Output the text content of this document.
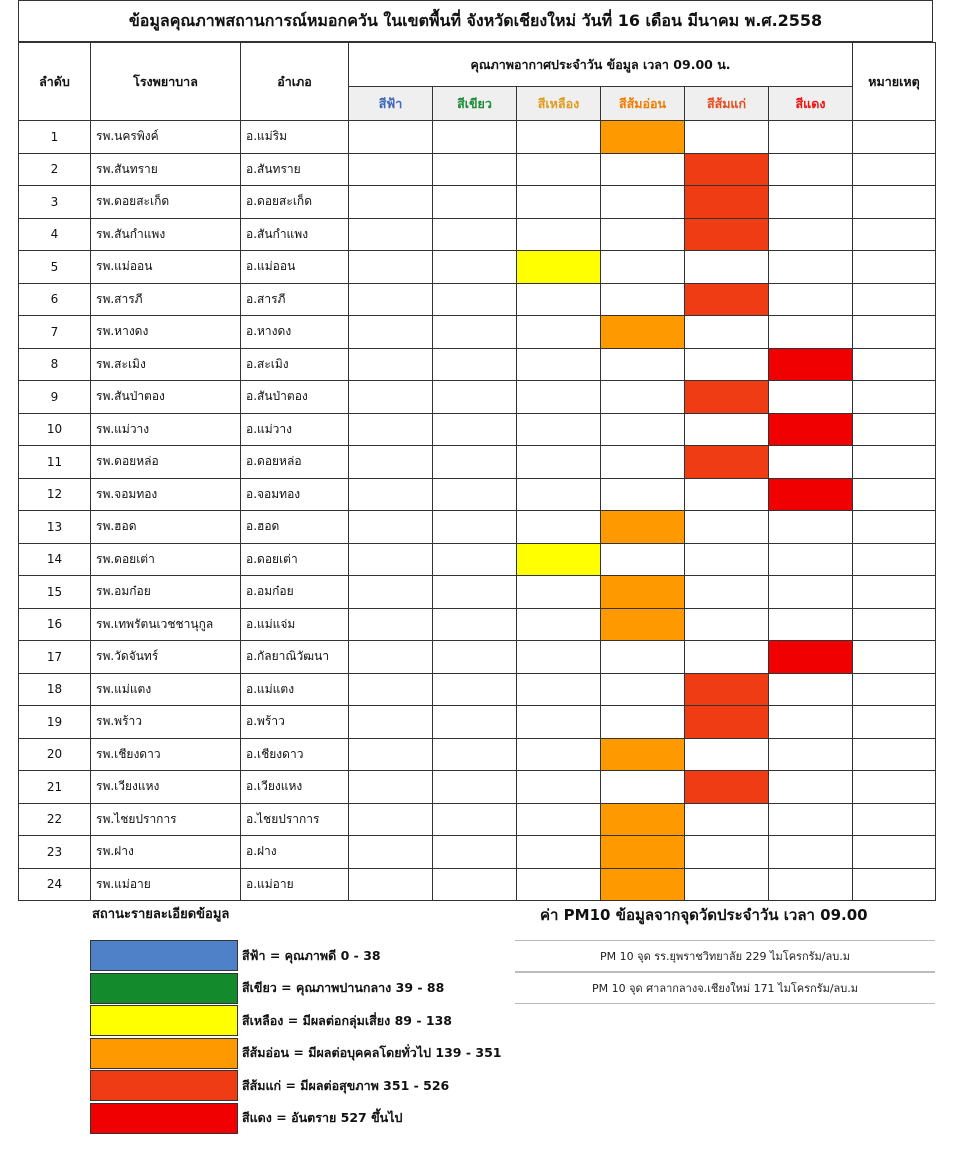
ข้อมูลคุณภาพสถานการณ์หมอกควัน ในเขตพื้นที่ จังหวัดเชียงใหม่ วันที่ 16 เดือน มีนาคม พ.ศ.2558
ลำดับ	โรงพยาบาล	อำเภอ	คุณภาพอากาศประจำวัน ข้อมูล เวลา 09.00 น.						หมายเหตุ
			สีฟ้า	สีเขียว	สีเหลือง	สีส้มอ่อน	สีส้มแก่	สีแดง	
1	รพ.นครพิงค์	อ.แม่ริม							
2	รพ.สันทราย	อ.สันทราย							
3	รพ.ดอยสะเก็ด	อ.ดอยสะเก็ด							
4	รพ.สันกำแพง	อ.สันกำแพง							
5	รพ.แม่ออน	อ.แม่ออน							
6	รพ.สารภี	อ.สารภี							
7	รพ.หางดง	อ.หางดง							
8	รพ.สะเมิง	อ.สะเมิง							
9	รพ.สันป่าตอง	อ.สันป่าตอง							
10	รพ.แม่วาง	อ.แม่วาง							
11	รพ.ดอยหล่อ	อ.ดอยหล่อ							
12	รพ.จอมทอง	อ.จอมทอง							
13	รพ.ฮอด	อ.ฮอด							
14	รพ.ดอยเต่า	อ.ดอยเต่า							
15	รพ.อมก๋อย	อ.อมก๋อย							
16	รพ.เทพรัตนเวชชานุกูล	อ.แม่แจ่ม							
17	รพ.วัดจันทร์	อ.กัลยาณิวัฒนา							
18	รพ.แม่แตง	อ.แม่แตง							
19	รพ.พร้าว	อ.พร้าว							
20	รพ.เชียงดาว	อ.เชียงดาว							
21	รพ.เวียงแหง	อ.เวียงแหง							
22	รพ.ไชยปราการ	อ.ไชยปราการ							
23	รพ.ฝาง	อ.ฝาง							
24	รพ.แม่อาย	อ.แม่อาย							
สถานะรายละเอียดข้อมูล	ค่า PM10 ข้อมูลจากจุดวัดประจำวัน เวลา 09.00
PM 10 จุด รร.ยุพราชวิทยาลัย 229 ไมโครกรัม/ลบ.ม
PM 10 จุด ศาลากลางจ.เชียงใหม่ 171 ไมโครกรัม/ลบ.ม
สีฟ้า = คุณภาพดี 0 - 38
สีเขียว = คุณภาพปานกลาง 39 - 88
สีเหลือง = มีผลต่อกลุ่มเสี่ยง 89 - 138
สีส้มอ่อน = มีผลต่อบุคคลโดยทั่วไป 139 - 351
สีส้มแก่ = มีผลต่อสุขภาพ 351 - 526
สีแดง = อันตราย 527 ขึ้นไป
